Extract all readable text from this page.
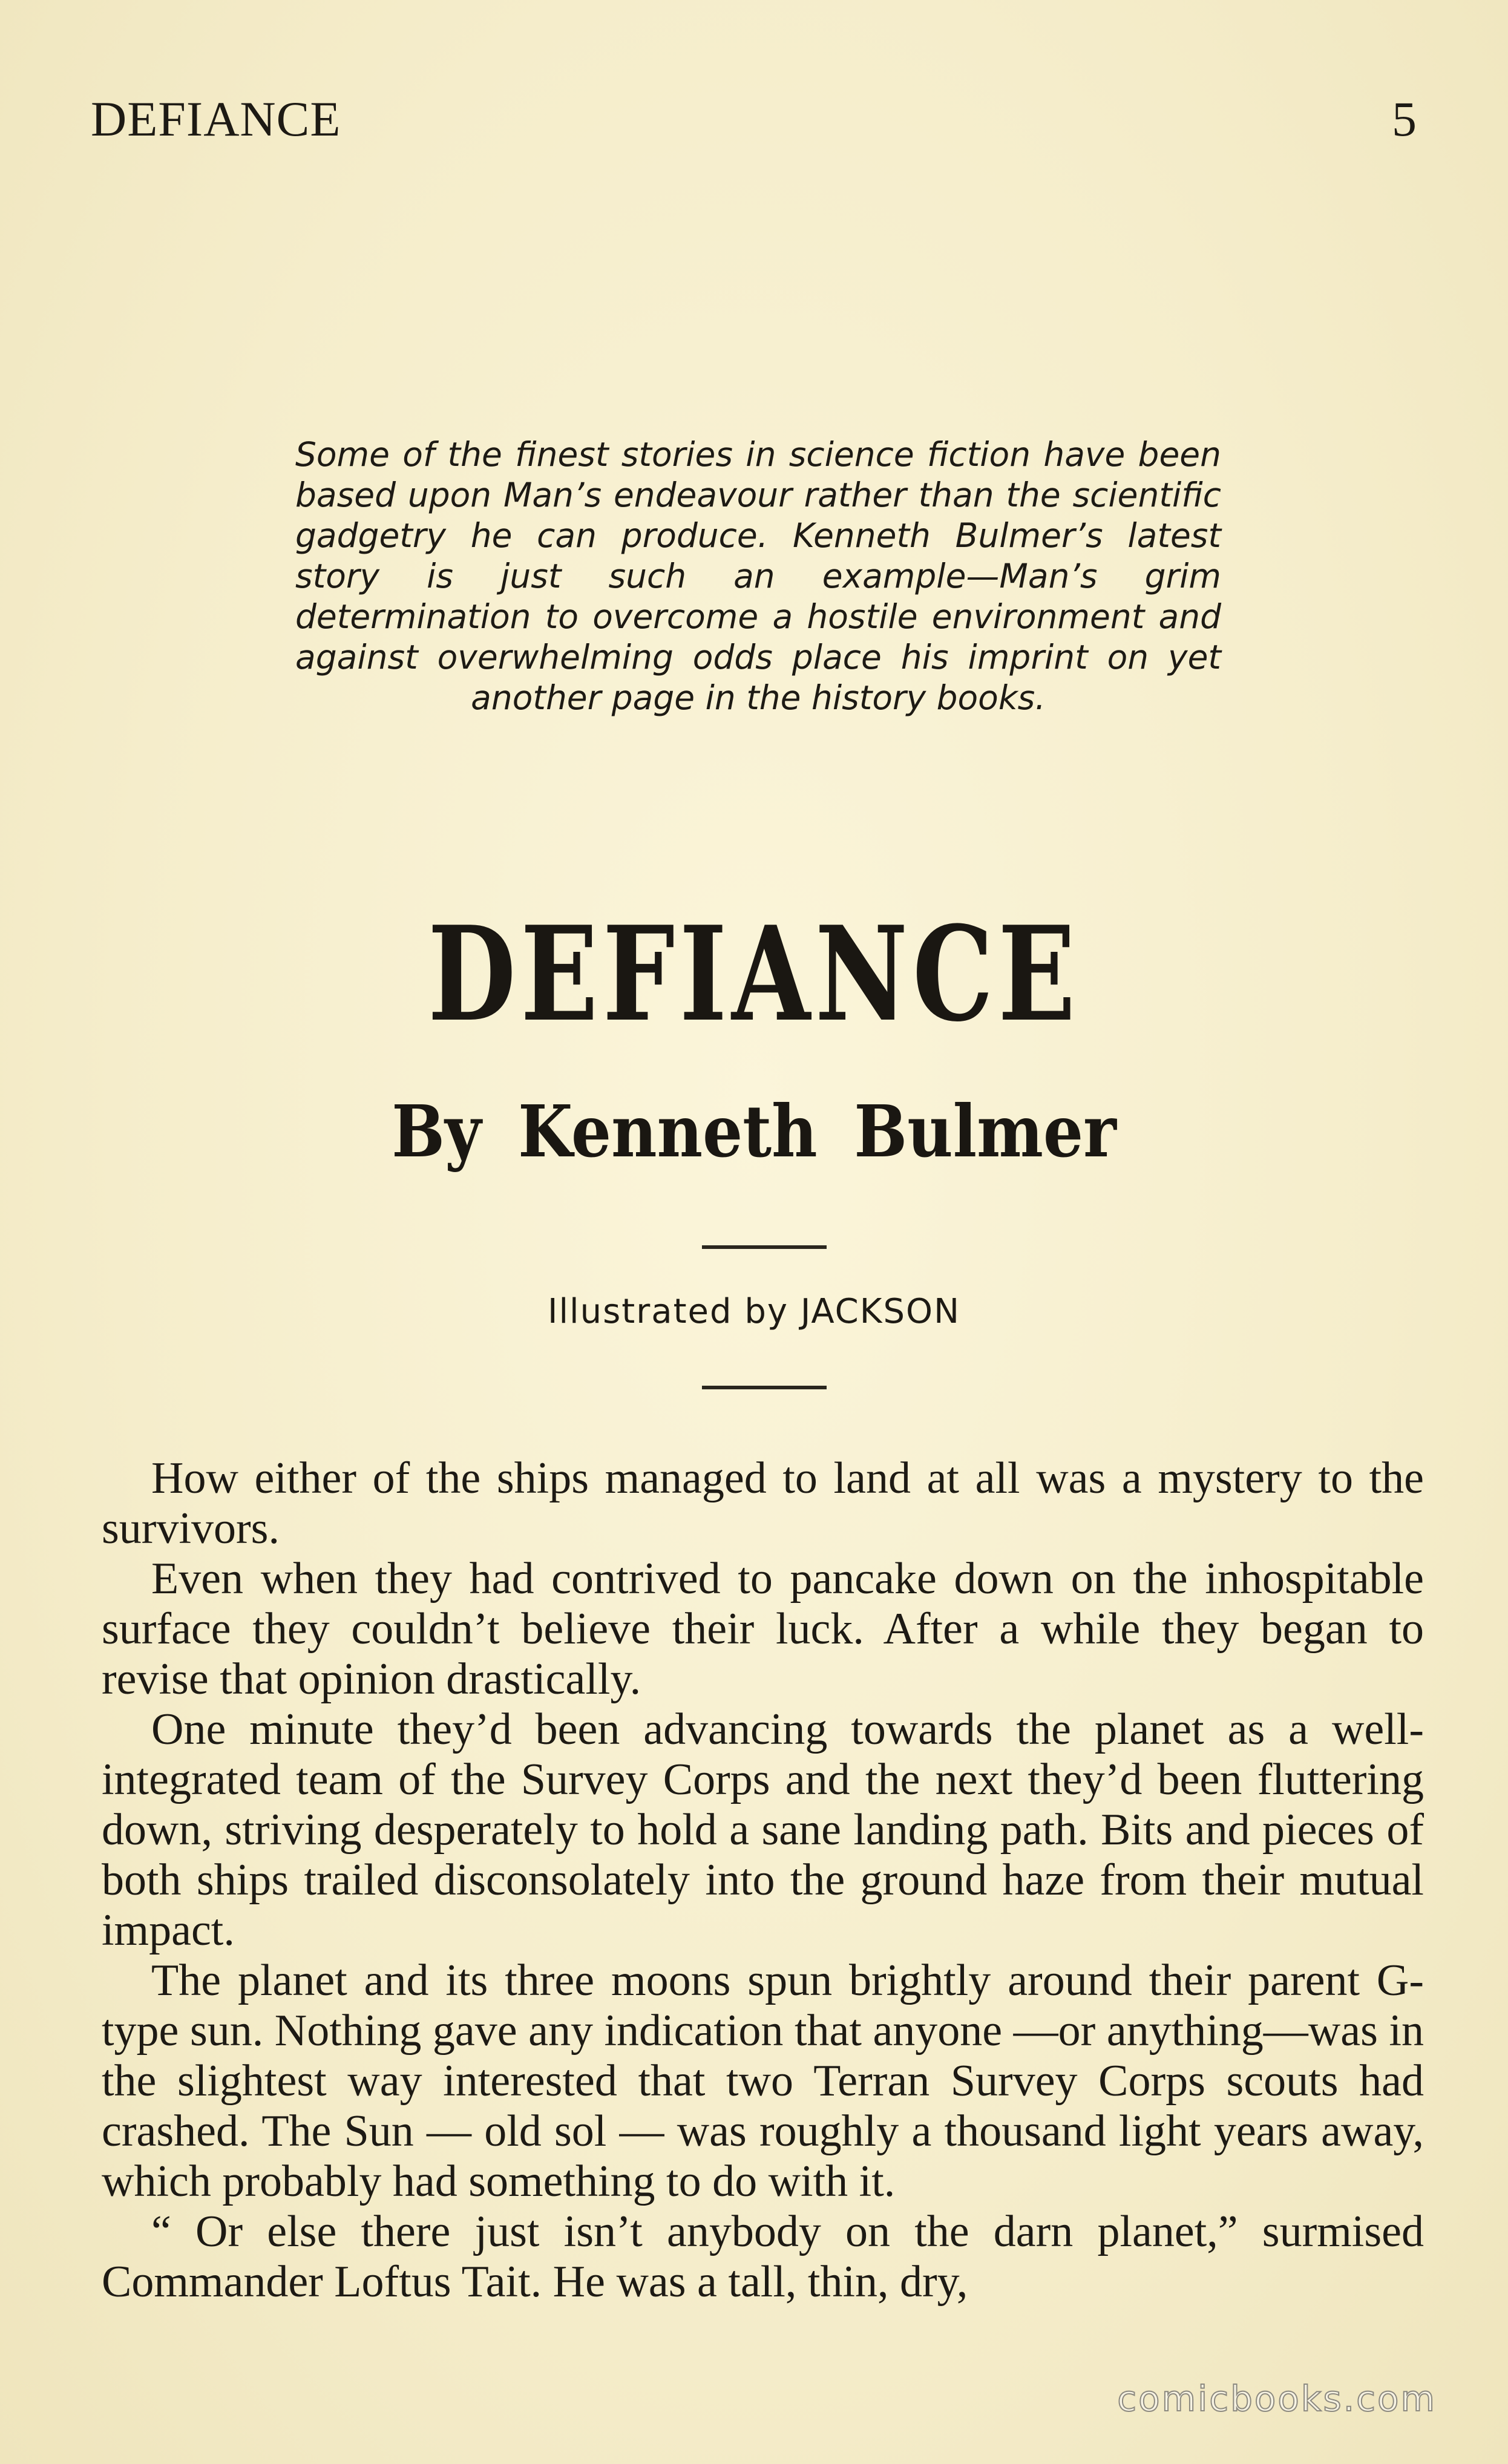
DEFIANCE	5
Some of the finest stories in science fiction have been based upon Man’s endeavour rather than the scientific gadgetry he can produce. Kenneth Bulmer’s latest story is just such an example—Man’s grim determination to overcome a hostile environment and against overwhelming odds place his imprint on yet another page in the history books.
DEFIANCE
By Kenneth Bulmer
Illustrated by JACKSON

How either of the ships managed to land at all was a mystery to the survivors.

Even when they had contrived to pancake down on the inhospitable surface they couldn’t believe their luck. After a while they began to revise that opinion drastically.

One minute they’d been advancing towards the planet as a well-integrated team of the Survey Corps and the next they’d been fluttering down, striving desperately to hold a sane landing path. Bits and pieces of both ships trailed disconsolately into the ground haze from their mutual impact.

The planet and its three moons spun brightly around their parent G-type sun. Nothing gave any indication that anyone —or anything—was in the slightest way interested that two Terran Survey Corps scouts had crashed. The Sun — old sol — was roughly a thousand light years away, which probably had something to do with it.

“ Or else there just isn’t anybody on the darn planet,” surmised Commander Loftus Tait. He was a tall, thin, dry,

comicbooks.com
